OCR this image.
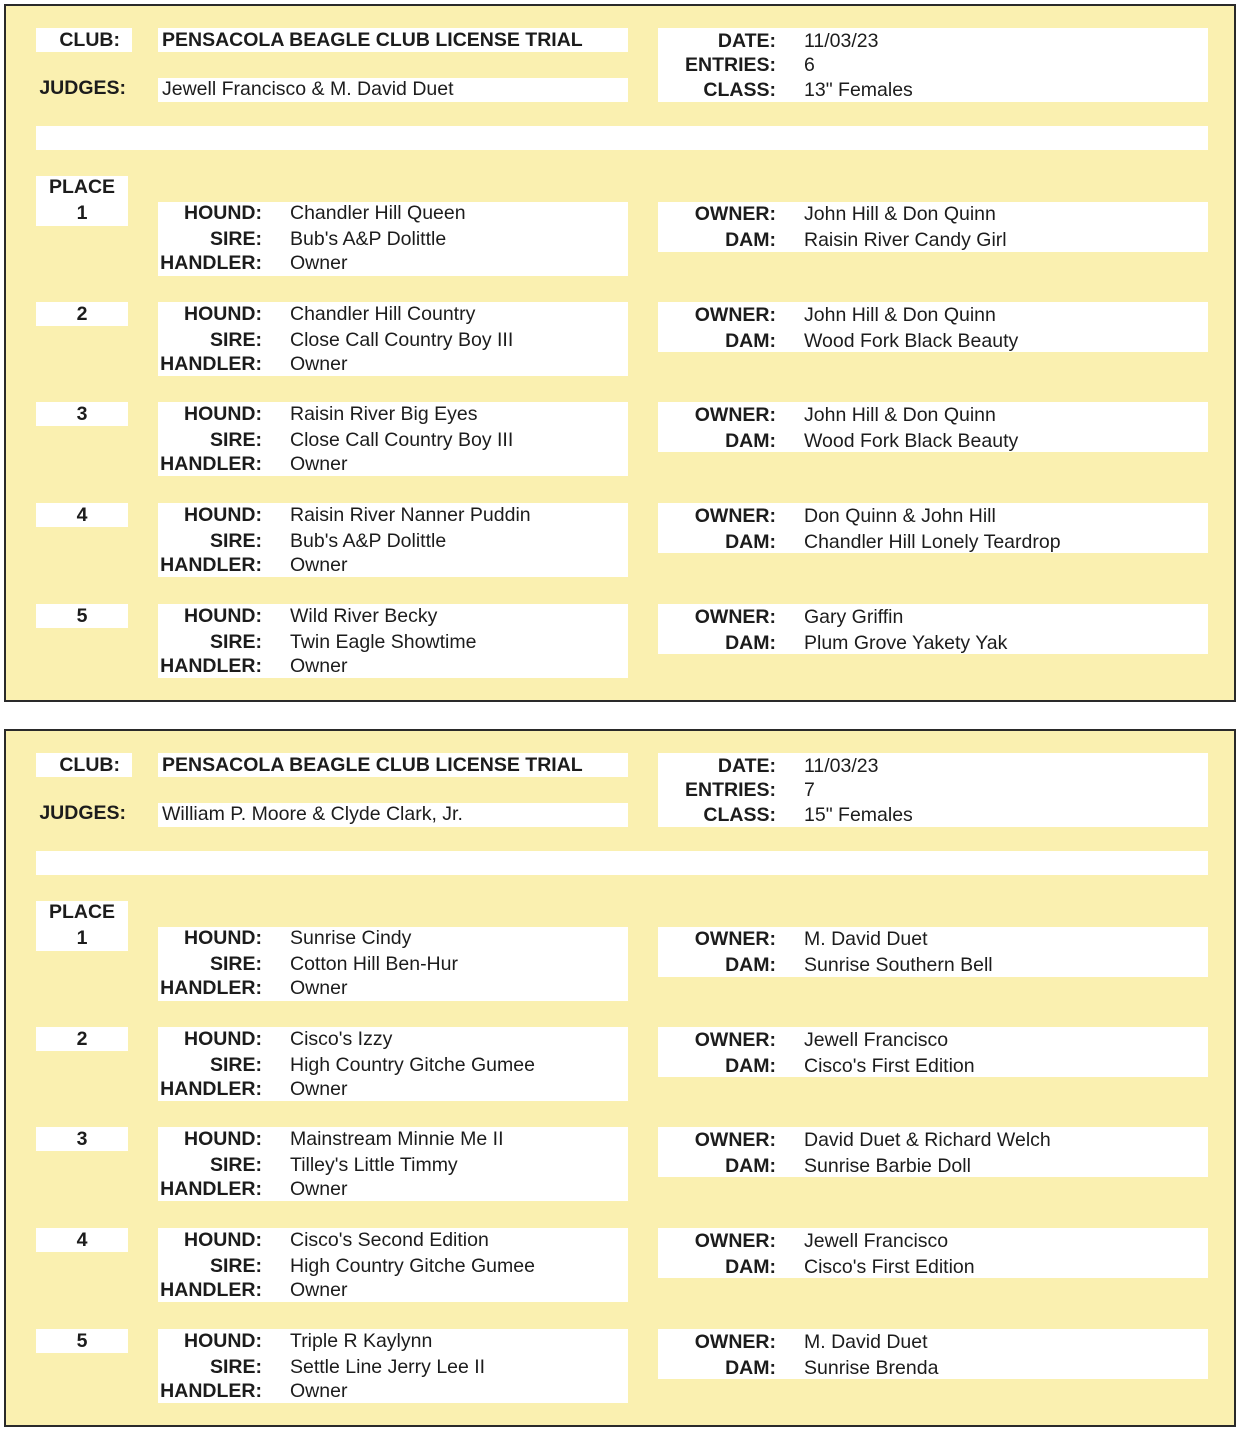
CLUB: PENSACOLA BEAGLE CLUB LICENSE TRIAL
JUDGES: Jewell Francisco & M. David Duet
DATE: 11/03/23
ENTRIES: 6
CLASS: 13" Females
PLACE
1	HOUND: Chandler Hill Queen
SIRE: Bub's A&P Dolittle
HANDLER: Owner
OWNER: John Hill & Don Quinn
DAM: Raisin River Candy Girl
2	HOUND: Chandler Hill Country
SIRE: Close Call Country Boy III
HANDLER: Owner
OWNER: John Hill & Don Quinn
DAM: Wood Fork Black Beauty
3	HOUND: Raisin River Big Eyes
SIRE: Close Call Country Boy III
HANDLER: Owner
OWNER: John Hill & Don Quinn
DAM: Wood Fork Black Beauty
4	HOUND: Raisin River Nanner Puddin
SIRE: Bub's A&P Dolittle
HANDLER: Owner
OWNER: Don Quinn & John Hill
DAM: Chandler Hill Lonely Teardrop
5	HOUND: Wild River Becky
SIRE: Twin Eagle Showtime
HANDLER: Owner
OWNER: Gary Griffin
DAM: Plum Grove Yakety Yak
CLUB: PENSACOLA BEAGLE CLUB LICENSE TRIAL
JUDGES: William P. Moore & Clyde Clark, Jr.
DATE: 11/03/23
ENTRIES: 7
CLASS: 15" Females
PLACE
1	HOUND: Sunrise Cindy
SIRE: Cotton Hill Ben-Hur
HANDLER: Owner
OWNER: M. David Duet
DAM: Sunrise Southern Bell
2	HOUND: Cisco's Izzy
SIRE: High Country Gitche Gumee
HANDLER: Owner
OWNER: Jewell Francisco
DAM: Cisco's First Edition
3	HOUND: Mainstream Minnie Me II
SIRE: Tilley's Little Timmy
HANDLER: Owner
OWNER: David Duet & Richard Welch
DAM: Sunrise Barbie Doll
4	HOUND: Cisco's Second Edition
SIRE: High Country Gitche Gumee
HANDLER: Owner
OWNER: Jewell Francisco
DAM: Cisco's First Edition
5	HOUND: Triple R Kaylynn
SIRE: Settle Line Jerry Lee II
HANDLER: Owner
OWNER: M. David Duet
DAM: Sunrise Brenda
